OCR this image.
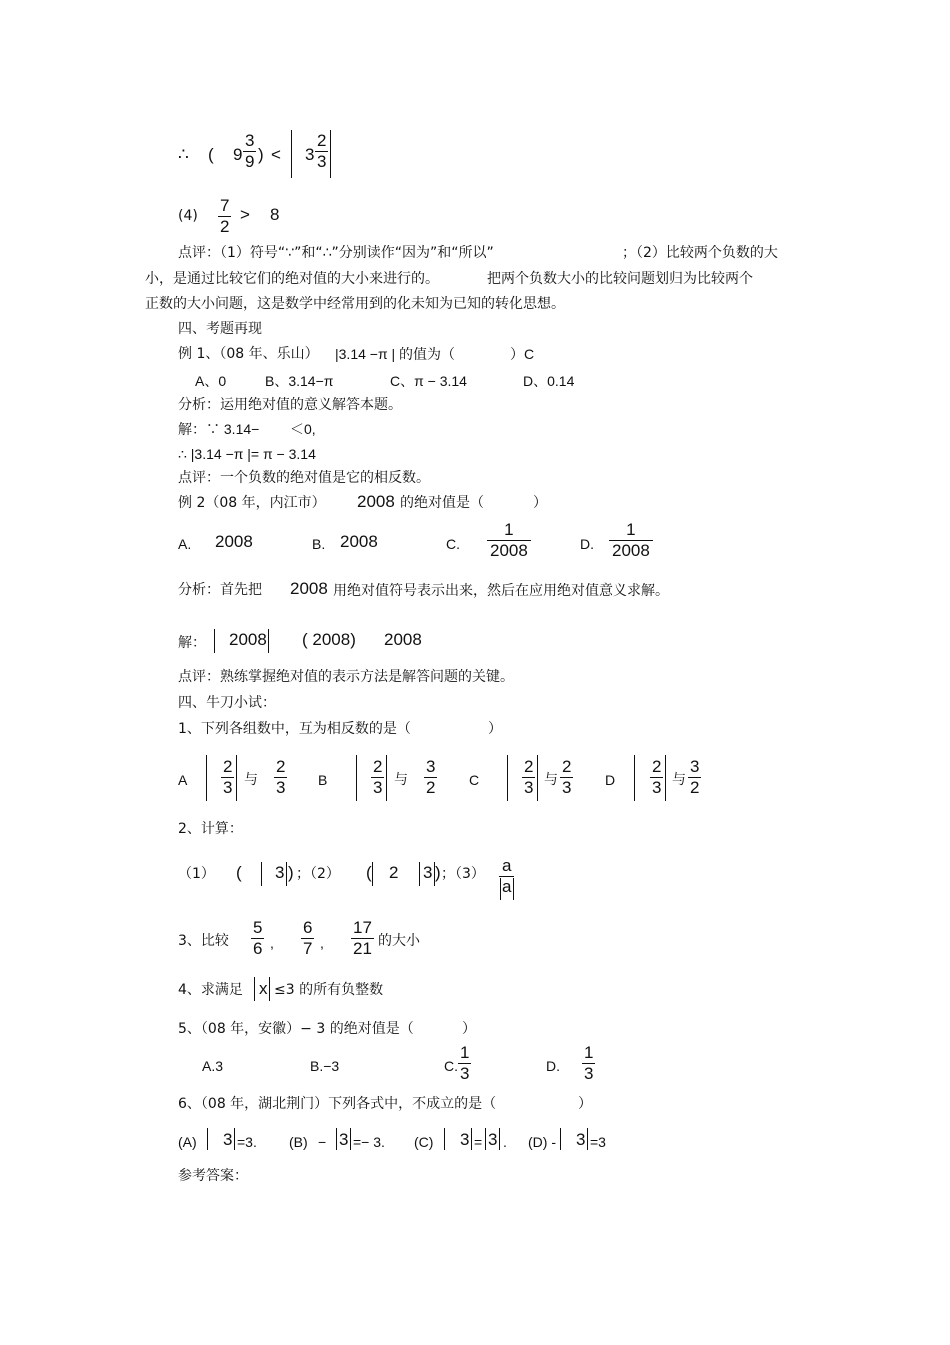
∴ ( $9 \frac{3}{9}$ ) < $3 \frac{2}{3}$
$(4) \frac{7}{2} > 8$
点评：（1）符号“∵”和“∴”分别读作“因为”和“所以”	；（2）比较两个负数的大
小，是通过比较它们的绝对值的大小来进行的。	把两个负数大小的比较问题划归为比较两个
正数的大小问题，这是数学中经常用到的化未知为已知的转化思想。
四、考题再现
例 1、（08 年、乐山） |3.14 −π | 的值为（	）C
A、0	B、3.14−π	C、π − 3.14	D、0.14
分析：运用绝对值的意义解答本题。
解：∵ 3.14− ＜0,
∴ |3.14 −π |= π − 3.14
点评：一个负数的绝对值是它的相反数。
例 2（08 年，内江市） 2008 的绝对值是（	）
A. 2008	B. 2008	C. $\frac{1}{2008}$	D. $\frac{1}{2008}$
分析：首先把 2008 用绝对值符号表示出来，然后在应用绝对值意义求解。
解： 2008 ( 2008) 2008
点评：熟练掌握绝对值的表示方法是解答问题的关键。
四、牛刀小试：
1、下列各组数中，互为相反数的是（	）
A $\frac{2}{3}$ 与 $\frac{2}{3}$ B	$\frac{2}{3}$ 与 $\frac{3}{2}$ C	$\frac{2}{3}$ 与 $\frac{2}{3}$ D $\frac{2}{3}$ 与 $\frac{3}{2}$
2、计算：
（1） ( 3 ) ；（2） ( 2 3 ) ；$(3) \frac{a}{a}$
3、比较 $\frac{5}{6}$ , $\frac{6}{7}$ , $\frac{17}{21}$ 的大小
4、求满足 x ≤3 的所有负整数
5、（08 年，安徽）− 3 的绝对值是（	）
A.3	B.−3	C. $\frac{1}{3}$	D. $\frac{1}{3}$
6、（08 年，湖北荆门）下列各式中，不成立的是（	）
(A) 3 =3. (B) − 3 =− 3. (C) 3 = 3 . (D) - 3 =3
参考答案：
